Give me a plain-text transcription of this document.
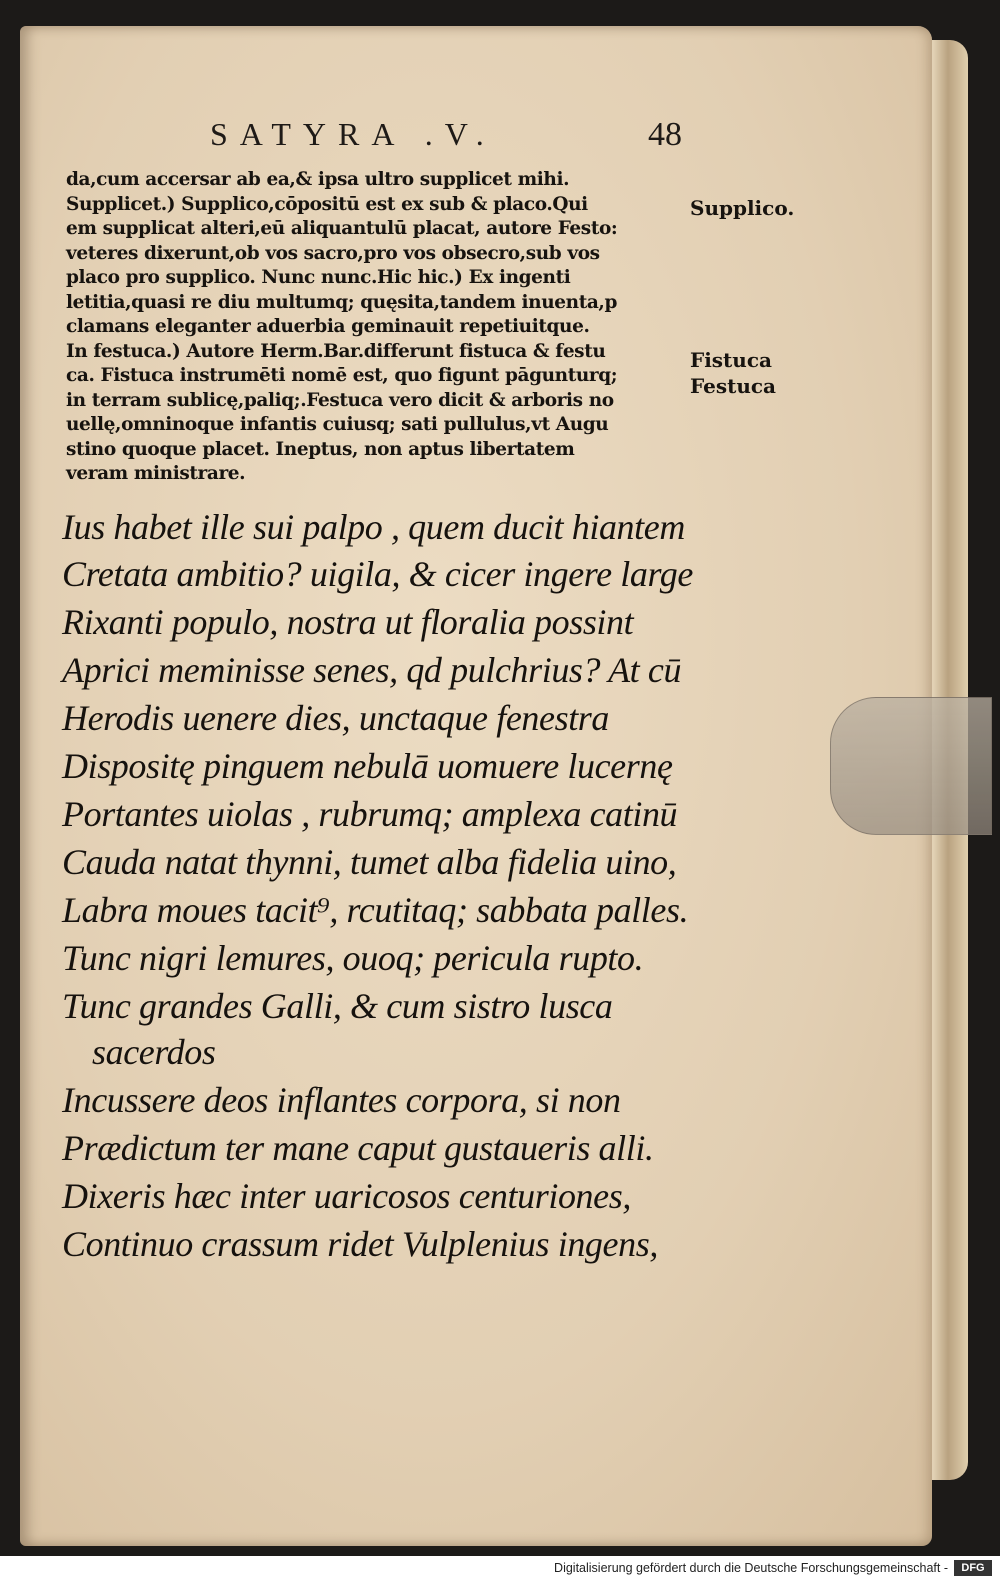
SATYRA .V.	48
da,cum accersar ab ea,& ipsa ultro supplicet mihi.
Supplicet.) Supplico,cōpositū est ex sub & placo.Qui
em supplicat alteri,eū aliquantulū placat, autore Festo:
veteres dixerunt,ob vos sacro,pro vos obsecro,sub vos
placo pro supplico. Nunc nunc.Hic hic.) Ex ingenti
letitia,quasi re diu multumq; quęsita,tandem inuenta,p
clamans eleganter aduerbia geminauit repetiuitque.
In festuca.) Autore Herm.Bar.differunt fistuca & festu
ca. Fistuca instrumēti nomē est, quo figunt pāgunturq;
in terram sublicę,paliq;.Festuca vero dicit & arboris no
uellę,omninoque infantis cuiusq; sati pullulus,vt Augu
stino quoque placet. Ineptus, non aptus libertatem
veram ministrare.
Supplico.
Fistuca
Festuca
Ius habet ille sui palpo , quem ducit hiantem
Cretata ambitio? uigila, & cicer ingere large
Rixanti populo, nostra ut floralia possint
Aprici meminisse senes, qd pulchrius? At cū
Herodis uenere dies, unctaque fenestra
Dispositę pinguem nebulā uomuere lucernę
Portantes uiolas , rubrumq; amplexa catinū
Cauda natat thynni, tumet alba fidelia uino,
Labra moues tacit⁹, rcutitaq; sabbata palles.
Tunc nigri lemures, ouoq; pericula rupto.
Tunc grandes Galli, & cum sistro lusca
sacerdos
Incussere deos inflantes corpora, si non
Prædictum ter mane caput gustaueris alli.
Dixeris hæc inter uaricosos centuriones,
Continuo crassum ridet Vulplenius ingens,
Digitalisierung gefördert durch die Deutsche Forschungsgemeinschaft -	DFG
